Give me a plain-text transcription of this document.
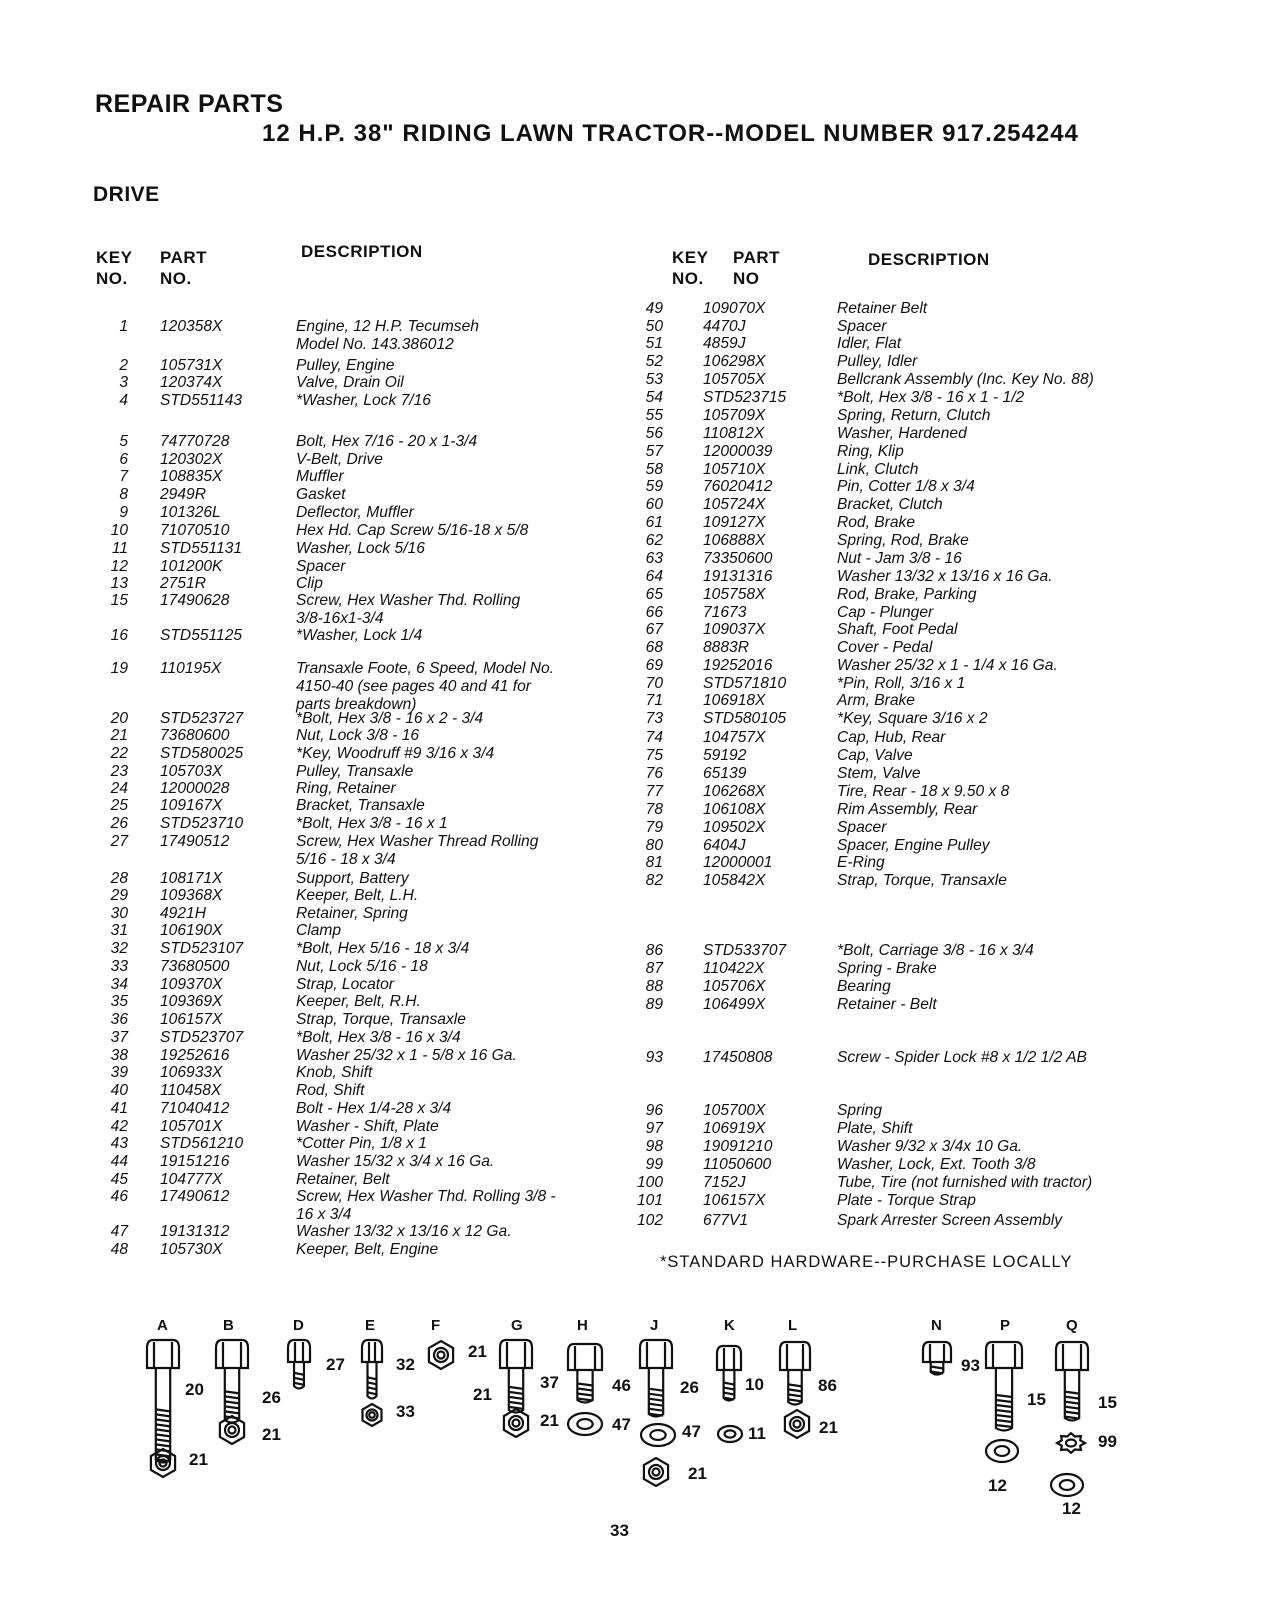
REPAIR PARTS
12 H.P. 38" RIDING LAWN TRACTOR--MODEL NUMBER 917.254244
DRIVE
KEY
NO.
PART
NO.
DESCRIPTION	KEY
NO.
PART
NO
DESCRIPTION
1 120358X	Engine, 12 H.P. Tecumseh
Model No. 143.386012
2 105731X	Pulley, Engine
3 120374X	Valve, Drain Oil
4 STD551143	*Washer, Lock 7/16
5 74770728	Bolt, Hex 7/16 - 20 x 1-3/4
6 120302X	V-Belt, Drive
7 108835X	Muffler
8 2949R	Gasket
9 101326L	Deflector, Muffler
10 71070510	Hex Hd. Cap Screw 5/16-18 x 5/8
11 STD551131	Washer, Lock 5/16
12 101200K	Spacer
13 2751R	Clip
15 17490628	Screw, Hex Washer Thd. Rolling
3/8-16x1-3/4
16 STD551125	*Washer, Lock 1/4
19 110195X	Transaxle Foote, 6 Speed, Model No.
4150-40 (see pages 40 and 41 for
parts breakdown)
20 STD523727	*Bolt, Hex 3/8 - 16 x 2 - 3/4
21 73680600	Nut, Lock 3/8 - 16
22 STD580025	*Key, Woodruff #9 3/16 x 3/4
23 105703X	Pulley, Transaxle
24 12000028	Ring, Retainer
25 109167X	Bracket, Transaxle
26 STD523710	*Bolt, Hex 3/8 - 16 x 1
27 17490512	Screw, Hex Washer Thread Rolling
5/16 - 18 x 3/4
28 108171X	Support, Battery
29 109368X	Keeper, Belt, L.H.
30 4921H	Retainer, Spring
31 106190X	Clamp
32 STD523107	*Bolt, Hex 5/16 - 18 x 3/4
33 73680500	Nut, Lock 5/16 - 18
34 109370X	Strap, Locator
35 109369X	Keeper, Belt, R.H.
36 106157X	Strap, Torque, Transaxle
37 STD523707	*Bolt, Hex 3/8 - 16 x 3/4
38 19252616	Washer 25/32 x 1 - 5/8 x 16 Ga.
39 106933X	Knob, Shift
40 110458X	Rod, Shift
41 71040412	Bolt - Hex 1/4-28 x 3/4
42 105701X	Washer - Shift, Plate
43 STD561210	*Cotter Pin, 1/8 x 1
44 19151216	Washer 15/32 x 3/4 x 16 Ga.
45 104777X	Retainer, Belt
46 17490612	Screw, Hex Washer Thd. Rolling 3/8 -
16 x 3/4
47 19131312	Washer 13/32 x 13/16 x 12 Ga.
48 105730X	Keeper, Belt, Engine
49	109070X	Retainer Belt
50	4470J	Spacer
51	4859J	Idler, Flat
52	106298X	Pulley, Idler
53	105705X	Bellcrank Assembly (Inc. Key No. 88)
54	STD523715	*Bolt, Hex 3/8 - 16 x 1 - 1/2
55	105709X	Spring, Return, Clutch
56	110812X	Washer, Hardened
57	12000039	Ring, Klip
58	105710X	Link, Clutch
59	76020412	Pin, Cotter 1/8 x 3/4
60	105724X	Bracket, Clutch
61	109127X	Rod, Brake
62	106888X	Spring, Rod, Brake
63	73350600	Nut - Jam 3/8 - 16
64	19131316	Washer 13/32 x 13/16 x 16 Ga.
65	105758X	Rod, Brake, Parking
66	71673	Cap - Plunger
67	109037X	Shaft, Foot Pedal
68	8883R	Cover - Pedal
69	19252016	Washer 25/32 x 1 - 1/4 x 16 Ga.
70	STD571810	*Pin, Roll, 3/16 x 1
71	106918X	Arm, Brake
73	STD580105	*Key, Square 3/16 x 2
74	104757X	Cap, Hub, Rear
75	59192	Cap, Valve
76	65139	Stem, Valve
77	106268X	Tire, Rear - 18 x 9.50 x 8
78	106108X	Rim Assembly, Rear
79	109502X	Spacer
80	6404J	Spacer, Engine Pulley
81	12000001	E-Ring
82	105842X	Strap, Torque, Transaxle
86	STD533707	*Bolt, Carriage 3/8 - 16 x 3/4
87	110422X	Spring - Brake
88	105706X	Bearing
89	106499X	Retainer - Belt
93	17450808	Screw - Spider Lock #8 x 1/2 1/2 AB
96	105700X	Spring
97	106919X	Plate, Shift
98	19091210	Washer 9/32 x 3/4x 10 Ga.
99	11050600	Washer, Lock, Ext. Tooth 3/8
100	7152J	Tube, Tire (not furnished with tractor)
101	106157X	Plate - Torque Strap
102	677V1	Spark Arrester Screen Assembly
*STANDARD HARDWARE--PURCHASE LOCALLY
A	B	D	E	F	G	H	J	K	L	N	P	Q
20	26
27	32
21
37	46	26	10	86
93
15	15
21
21
33	21	47	47	11
21
21
99
12
12
21
33
